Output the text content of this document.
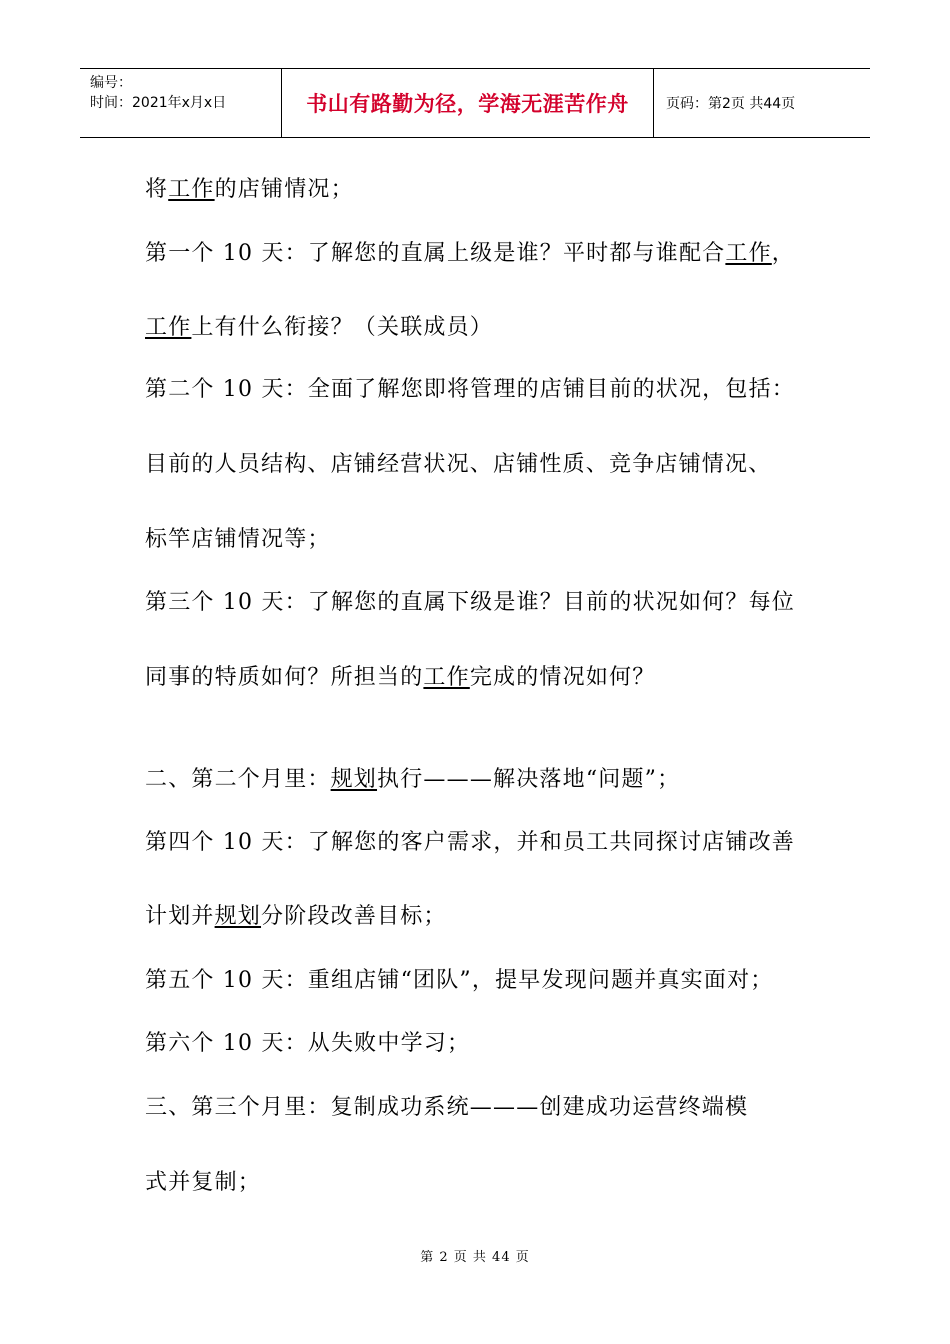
编号：
时间：2021年x月x日	书山有路勤为径，学海无涯苦作舟	页码：第2页 共44页
将工作的店铺情况；
第一个 10 天：了解您的直属上级是谁？平时都与谁配合工作，
工作上有什么衔接？（关联成员）
第二个 10 天：全面了解您即将管理的店铺目前的状况，包括：
目前的人员结构、店铺经营状况、店铺性质、竞争店铺情况、
标竿店铺情况等；
第三个 10 天：了解您的直属下级是谁？目前的状况如何？每位
同事的特质如何？所担当的工作完成的情况如何？
二、第二个月里：规划执行———解决落地“问题”；
第四个 10 天：了解您的客户需求，并和员工共同探讨店铺改善
计划并规划分阶段改善目标；
第五个 10 天：重组店铺“团队”，提早发现问题并真实面对；
第六个 10 天：从失败中学习；
三、第三个月里：复制成功系统———创建成功运营终端模
式并复制；
第 2 页 共 44 页
